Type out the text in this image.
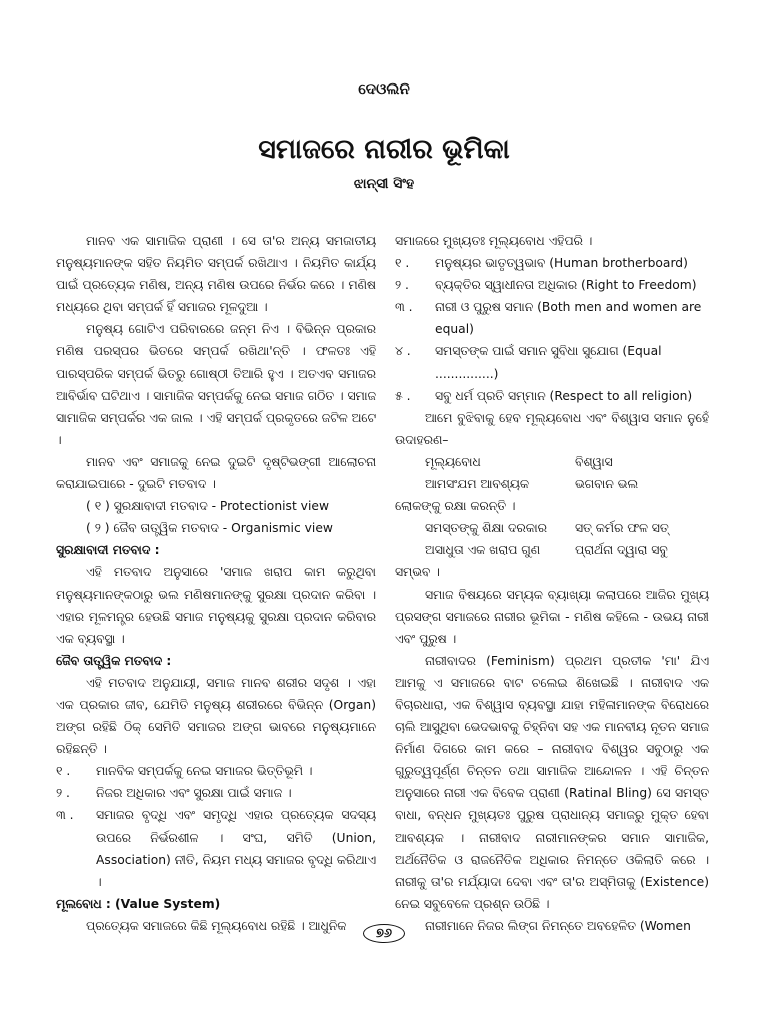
ଦେଓଲିନି
ସମାଜରେ ନାରୀର ଭୂମିକା
ଝାନ୍ସୀ ସିଂହ

ମାନବ ଏକ ସାମାଜିକ ପ୍ରାଣୀ । ସେ ତା'ର ଅନ୍ୟ ସମଜାତୀୟ ମନୁଷ୍ୟମାନଙ୍କ ସହିତ ନିୟମିତ ସମ୍ପର୍କ ରଖିଥାଏ । ନିୟମିତ କାର୍ଯ୍ୟ ପାଇଁ ପ୍ରତ୍ୟେକ ମଣିଷ, ଅନ୍ୟ ମଣିଷ ଉପରେ ନିର୍ଭର କରେ । ମଣିଷ ମଧ୍ୟରେ ଥିବା ସମ୍ପର୍କ ହିଁ ସମାଜର ମୂଳଦୁଆ ।

ମନୁଷ୍ୟ ଗୋଟିଏ ପରିବାରରେ ଜନ୍ମ ନିଏ । ବିଭିନ୍ନ ପ୍ରକାର ମଣିଷ ପରସ୍ପର ଭିତରେ ସମ୍ପର୍କ ରଖିଥା'ନ୍ତି । ଫଳତଃ ଏହି ପାରସ୍ପରିକ ସମ୍ପର୍କ ଭିତରୁ ଗୋଷ୍ଠୀ ତିଆରି ହୁଏ । ଅତଏବ ସମାଜର ଆବିର୍ଭାବ ଘଟିଥାଏ । ସାମାଜିକ ସମ୍ପର୍କକୁ ନେଇ ସମାଜ ଗଠିତ । ସମାଜ ସାମାଜିକ ସମ୍ପର୍କର ଏକ ଜାଲ । ଏହି ସମ୍ପର୍କ ପ୍ରକୃତରେ ଜଟିଳ ଅଟେ ।

ମାନବ ଏବଂ ସମାଜକୁ ନେଇ ଦୁଇଟି ଦୃଷ୍ଟିଭଙ୍ଗୀ ଆଲୋଚନା କରାଯାଇପାରେ - ଦୁଇଟି ମତବାଦ ।

( ୧ ) ସୁରକ୍ଷାବାଦୀ ମତବାଦ - Protectionist view

( ୨ ) ଜୈବ ତାତ୍ତ୍ୱିକ ମତବାଦ - Organismic view

ସୁରକ୍ଷାବାଦୀ ମତବାଦ :

ଏହି ମତବାଦ ଅନୁସାରେ 'ସମାଜ ଖରାପ କାମ କରୁଥିବା ମନୁଷ୍ୟମାନଙ୍କଠାରୁ ଭଲ ମଣିଷମାନଙ୍କୁ ସୁରକ୍ଷା ପ୍ରଦାନ କରିବା । ଏହାର ମୂଳମନ୍ତ୍ର ହେଉଛି ସମାଜ ମନୁଷ୍ୟକୁ ସୁରକ୍ଷା ପ୍ରଦାନ କରିବାର ଏକ ବ୍ୟବସ୍ଥା ।

ଜୈବ ତାତ୍ତ୍ୱିକ ମତବାଦ :

ଏହି ମତବାଦ ଅନୁଯାୟୀ, ସମାଜ ମାନବ ଶରୀର ସଦୃଶ । ଏହା ଏକ ପ୍ରକାର ଜୀବ, ଯେମିତି ମନୁଷ୍ୟ ଶରୀରରେ ବିଭିନ୍ନ (Organ) ଅଙ୍ଗ ରହିଛି ଠିକ୍ ସେମିତି ସମାଜର ଅଙ୍ଗ ଭାବରେ ମନୁଷ୍ୟମାନେ ରହିଛନ୍ତି ।

୧ .	ମାନବିକ ସମ୍ପର୍କକୁ ନେଇ ସମାଜର ଭିତ୍ତିଭୂମି ।
୨ .	ନିଜର ଅଧିକାର ଏବଂ ସୁରକ୍ଷା ପାଇଁ ସମାଜ ।
୩ .	ସମାଜର ବୃଦ୍ଧି ଏବଂ ସମୃଦ୍ଧି ଏହାର ପ୍ରତ୍ୟେକ ସଦସ୍ୟ ଉପରେ ନିର୍ଭରଶୀଳ । ସଂଘ, ସମିତି (Union, Association) ନୀତି, ନିୟମ ମଧ୍ୟ ସମାଜର ବୃଦ୍ଧି କରିଥାଏ ।

ମୂଲବୋଧ : (Value System)

ପ୍ରତ୍ୟେକ ସମାଜରେ କିଛି ମୂଲ୍ୟବୋଧ ରହିଛି । ଆଧୁନିକ

ସମାଜରେ ମୁଖ୍ୟତଃ ମୂଲ୍ୟବୋଧ ଏହିପରି ।

୧ .	ମନୁଷ୍ୟର ଭାତୃତ୍ୱଭାବ (Human brotherboard)
୨ .	ବ୍ୟକ୍ତିର ସ୍ୱାଧୀନତା ଅଧିକାର (Right to Freedom)
୩ .	ନାରୀ ଓ ପୁରୁଷ ସମାନ (Both men and women are equal)
୪ .	ସମସ୍ତଙ୍କ ପାଇଁ ସମାନ ସୁବିଧା ସୁଯୋଗ (Equal ...............)
୫ .	ସବୁ ଧର୍ମ ପ୍ରତି ସମ୍ମାନ (Respect to all religion)

ଆମେ ବୁଝିବାକୁ ହେବ ମୂଲ୍ୟବୋଧ ଏବଂ ବିଶ୍ୱାସ ସମାନ ନୁହେଁ ଉଦାହରଣ–

ମୂଲ୍ୟବୋଧ	ବିଶ୍ୱାସ
ଆମସଂଯମ ଆବଶ୍ୟକ	ଭଗବାନ ଭଲ

ଲୋକଙ୍କୁ ରକ୍ଷା କରନ୍ତି ।

ସମସ୍ତଙ୍କୁ ଶିକ୍ଷା ଦରକାର	ସତ୍ କର୍ମର ଫଳ ସତ୍
ଅସାଧୁତା ଏକ ଖରାପ ଗୁଣ	ପ୍ରାର୍ଥନା ଦ୍ୱାରା ସବୁ

ସମ୍ଭବ ।

ସମାଜ ବିଷୟରେ ସମ୍ୟକ ବ୍ୟାଖ୍ୟା କଲାପରେ ଆଜିର ମୁଖ୍ୟ ପ୍ରସଙ୍ଗ ସମାଜରେ ନାରୀର ଭୂମିକା - ମଣିଷ କହିଲେ - ଉଭୟ ନାରୀ ଏବଂ ପୁରୁଷ ।

ନାରୀବାଦର (Feminism) ପ୍ରଥମ ପ୍ରତୀକ 'ମା' ଯିଏ ଆମକୁ ଏ ସମାଜରେ ବାଟ ଚଲେଇ ଶିଖେଇଛି । ନାରୀବାଦ ଏକ ବିଚାରଧାରା, ଏକ ବିଶ୍ୱାସ ବ୍ୟବସ୍ଥା ଯାହା ମହିଳାମାନଙ୍କ ବିରୋଧରେ ଚାଲି ଆସୁଥିବା ଭେଦଭାବକୁ ଚିହ୍ନିବା ସହ ଏକ ମାନବୀୟ ନୂତନ ସମାଜ ନିର୍ମାଣ ଦିଗରେ କାମ କରେ – ନାରୀବାଦ ବିଶ୍ୱର ସବୁଠାରୁ ଏକ ଗୁରୁତ୍ୱପୂର୍ଣ୍ଣ ଚିନ୍ତନ ତଥା ସାମାଜିକ ଆନ୍ଦୋଳନ । ଏହି ଚିନ୍ତନ ଅନୁସାରେ ନାରୀ ଏକ ବିବେକ ପ୍ରାଣୀ (Ratinal Bling) ସେ ସମସ୍ତ ବାଧା, ବନ୍ଧନ ମୁଖ୍ୟତଃ ପୁରୁଷ ପ୍ରାଧାନ୍ୟ ସମାଜରୁ ମୁକ୍ତ ହେବା ଆବଶ୍ୟକ । ନାରୀବାଦ ନାରୀମାନଙ୍କର ସମାନ ସାମାଜିକ, ଅର୍ଥନୈତିକ ଓ ରାଜନୈତିକ ଅଧିକାର ନିମନ୍ତେ ଓକିଲାତି କରେ । ନାରୀକୁ ତା'ର ମର୍ଯ୍ୟାଦା ଦେବା ଏବଂ ତା'ର ଅସ୍ମିତାକୁ (Existence) ନେଇ ସବୁବେଳେ ପ୍ରଶ୍ନ ଉଠିଛି ।

ନାରୀମାନେ ନିଜର ଲିଙ୍ଗ ନିମନ୍ତେ ଅବହେଳିତ (Women

୭୬
